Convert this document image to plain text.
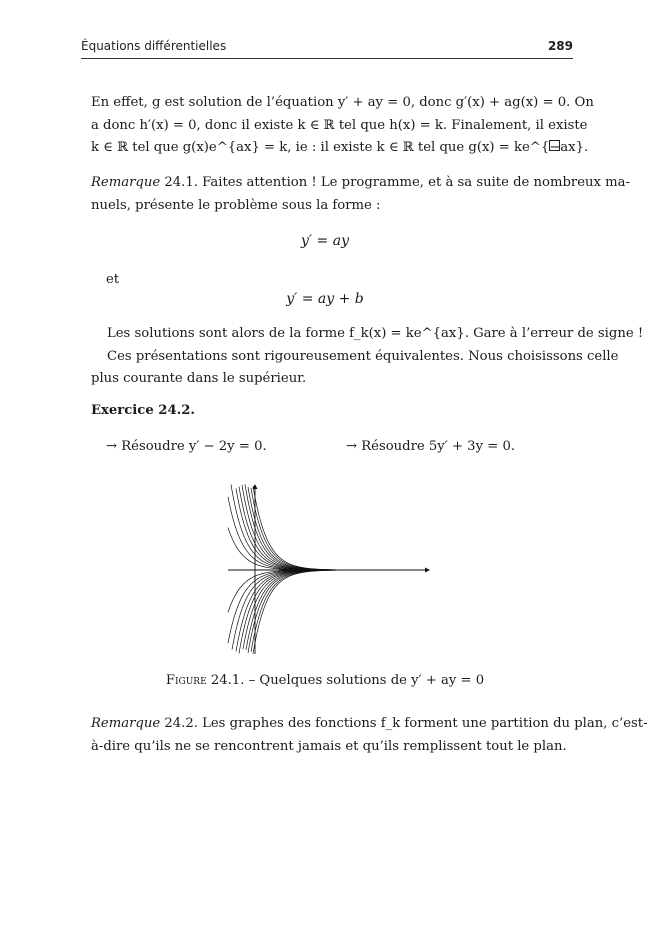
Équations différentielles	289
En effet, g est solution de l’équation y′ + ay = 0, donc g′(x) + ag(x) = 0. On
a donc h′(x) = 0, donc il existe k ∈ ℝ tel que h(x) = k. Finalement, il existe
k ∈ ℝ tel que g(x)e^{ax} = k, ie : il existe k ∈ ℝ tel que g(x) = ke^{−ax}.
Remarque 24.1. Faites attention ! Le programme, et à sa suite de nombreux ma-
nuels, présente le problème sous la forme :
y′ = ay
et
y′ = ay + b
Les solutions sont alors de la forme f_k(x) = ke^{ax}. Gare à l’erreur de signe !
Ces présentations sont rigoureusement équivalentes. Nous choisissons celle
plus courante dans le supérieur.
Exercice 24.2.
→ Résoudre y′ − 2y = 0.	→ Résoudre 5y′ + 3y = 0.
Figure 24.1. – Quelques solutions de y′ + ay = 0
Remarque 24.2. Les graphes des fonctions f_k forment une partition du plan, c’est-
à-dire qu’ils ne se rencontrent jamais et qu’ils remplissent tout le plan.
